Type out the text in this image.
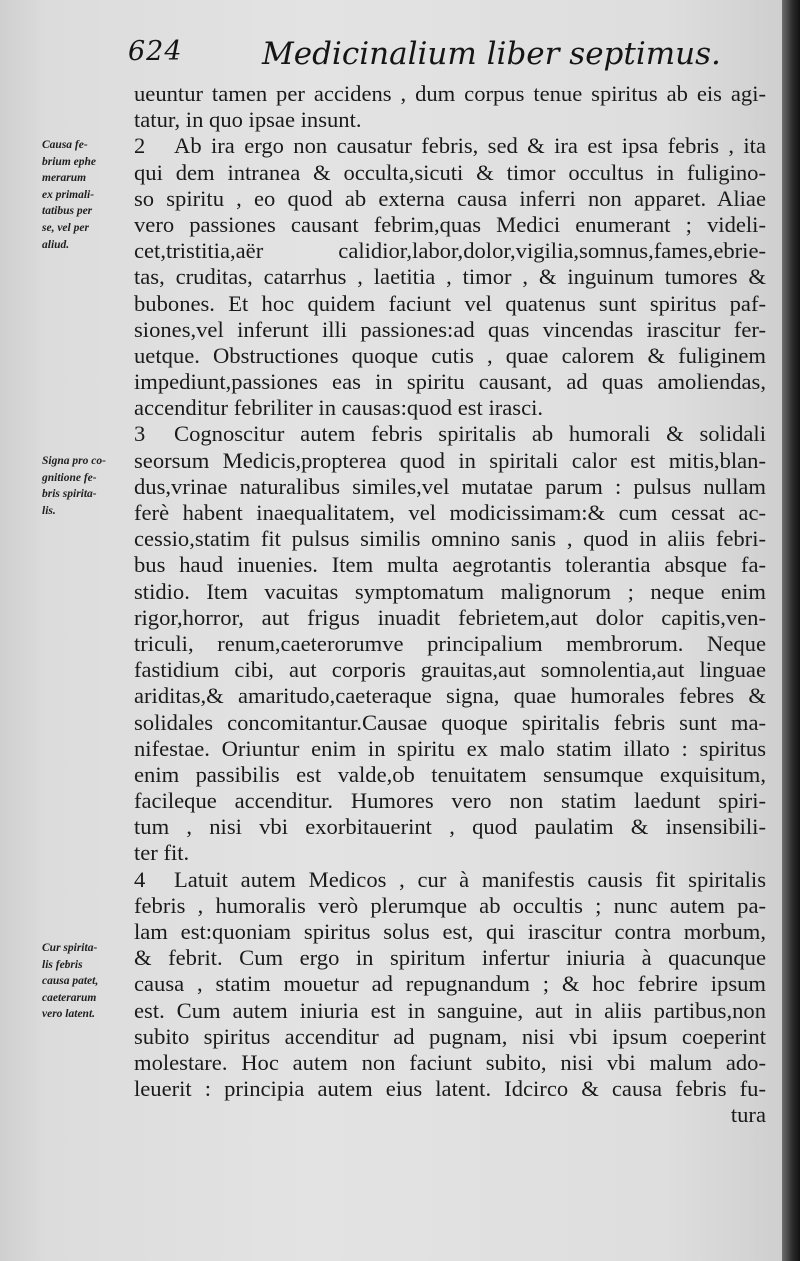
624	Medicinalium liber septimus.
Causa fe-
brium ephe
merarum
ex primali-
tatibus per
se, vel per
aliud.
Signa pro co-
gnitione fe-
bris spirita-
lis.
Cur spirita-
lis febris
causa patet,
caeterarum
vero latent.
ueuntur tamen per accidens , dum corpus tenue spiritus ab eis agi-
tatur, in quo ipsae insunt.
2	Ab ira ergo non causatur febris, sed & ira est ipsa febris , ita
qui dem intranea & occulta,sicuti & timor occultus in fuligino-
so spiritu , eo quod ab externa causa inferri non apparet. Aliae
vero passiones causant febrim,quas Medici enumerant ; videli-
cet,tristitia,aër calidior,labor,dolor,vigilia,somnus,fames,ebrie-
tas, cruditas, catarrhus , laetitia , timor , & inguinum tumores &
bubones. Et hoc quidem faciunt vel quatenus sunt spiritus paf-
siones,vel inferunt illi passiones:ad quas vincendas irascitur fer-
uetque. Obstructiones quoque cutis , quae calorem & fuliginem
impediunt,passiones eas in spiritu causant, ad quas amoliendas,
accenditur febriliter in causas:quod est irasci.
3	Cognoscitur autem febris spiritalis ab humorali & solidali
seorsum Medicis,propterea quod in spiritali calor est mitis,blan-
dus,vrinae naturalibus similes,vel mutatae parum : pulsus nullam
ferè habent inaequalitatem, vel modicissimam:& cum cessat ac-
cessio,statim fit pulsus similis omnino sanis , quod in aliis febri-
bus haud inuenies. Item multa aegrotantis tolerantia absque fa-
stidio. Item vacuitas symptomatum malignorum ; neque enim
rigor,horror, aut frigus inuadit febrietem,aut dolor capitis,ven-
triculi, renum,caeterorumve principalium membrorum. Neque
fastidium cibi, aut corporis grauitas,aut somnolentia,aut linguae
ariditas,& amaritudo,caeteraque signa, quae humorales febres &
solidales concomitantur.Causae quoque spiritalis febris sunt ma-
nifestae. Oriuntur enim in spiritu ex malo statim illato : spiritus
enim passibilis est valde,ob tenuitatem sensumque exquisitum,
facileque accenditur. Humores vero non statim laedunt spiri-
tum , nisi vbi exorbitauerint , quod paulatim & insensibili-
ter fit.
4	Latuit autem Medicos , cur à manifestis causis fit spiritalis
febris , humoralis verò plerumque ab occultis ; nunc autem pa-
lam est:quoniam spiritus solus est, qui irascitur contra morbum,
& febrit. Cum ergo in spiritum infertur iniuria à quacunque
causa , statim mouetur ad repugnandum ; & hoc febrire ipsum
est. Cum autem iniuria est in sanguine, aut in aliis partibus,non
subito spiritus accenditur ad pugnam, nisi vbi ipsum coeperint
molestare. Hoc autem non faciunt subito, nisi vbi malum ado-
leuerit : principia autem eius latent. Idcirco & causa febris fu-
tura
